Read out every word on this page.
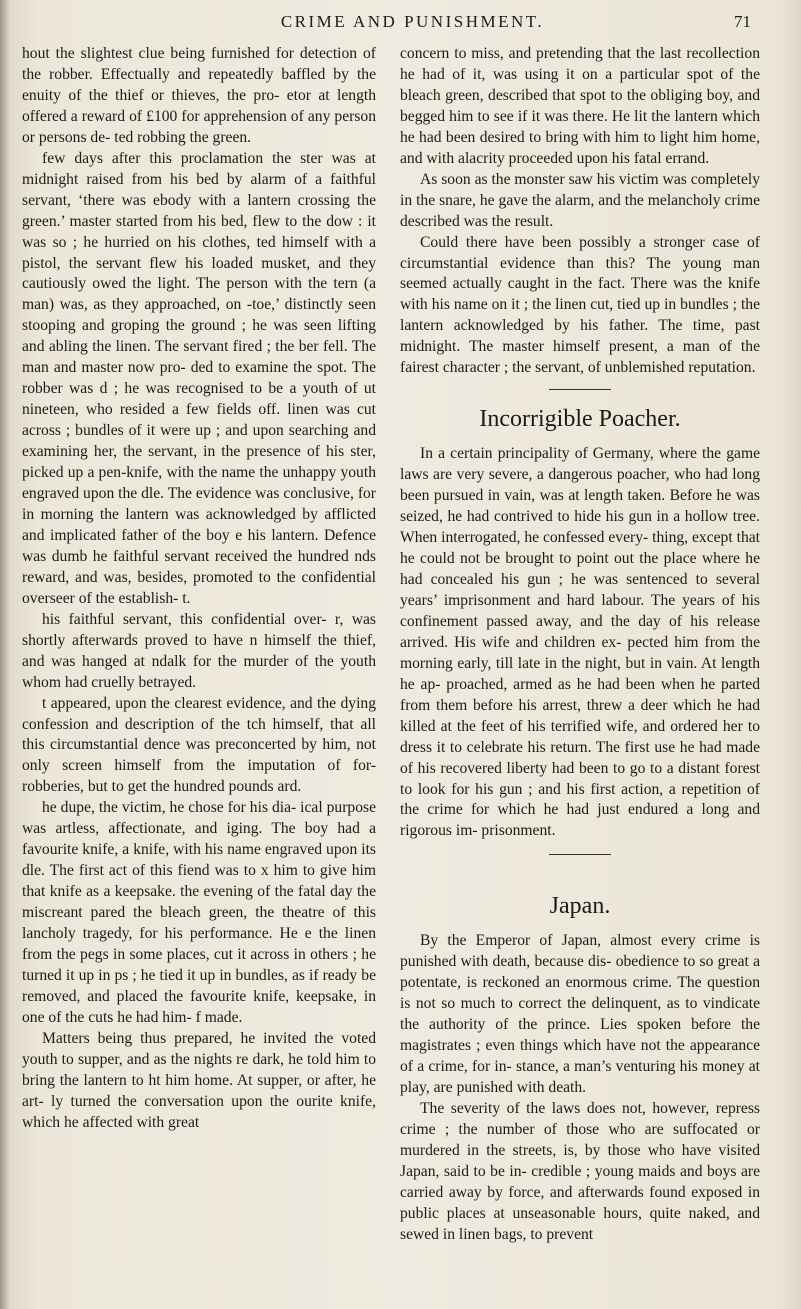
CRIME AND PUNISHMENT.	71

hout the slightest clue being furnished for detection of the robber. Effectually and repeatedly baffled by the enuity of the thief or thieves, the pro- etor at length offered a reward of £100 for apprehension of any person or persons de- ted robbing the green.

few days after this proclamation the ster was at midnight raised from his bed by alarm of a faithful servant, ‘there was ebody with a lantern crossing the green.’ master started from his bed, flew to the dow : it was so ; he hurried on his clothes, ted himself with a pistol, the servant flew his loaded musket, and they cautiously owed the light. The person with the tern (a man) was, as they approached, on -toe,’ distinctly seen stooping and groping the ground ; he was seen lifting and abling the linen. The servant fired ; the ber fell. The man and master now pro- ded to examine the spot. The robber was d ; he was recognised to be a youth of ut nineteen, who resided a few fields off. linen was cut across ; bundles of it were up ; and upon searching and examining her, the servant, in the presence of his ster, picked up a pen-knife, with the name the unhappy youth engraved upon the dle. The evidence was conclusive, for in morning the lantern was acknowledged by afflicted and implicated father of the boy e his lantern. Defence was dumb he faithful servant received the hundred nds reward, and was, besides, promoted to the confidential overseer of the establish- t.

his faithful servant, this confidential over- r, was shortly afterwards proved to have n himself the thief, and was hanged at ndalk for the murder of the youth whom had cruelly betrayed.

t appeared, upon the clearest evidence, and the dying confession and description of the tch himself, that all this circumstantial dence was preconcerted by him, not only screen himself from the imputation of for- robberies, but to get the hundred pounds ard.

he dupe, the victim, he chose for his dia- ical purpose was artless, affectionate, and iging. The boy had a favourite knife, a knife, with his name engraved upon its dle. The first act of this fiend was to x him to give him that knife as a keepsake. the evening of the fatal day the miscreant pared the bleach green, the theatre of this lancholy tragedy, for his performance. He e the linen from the pegs in some places, cut it across in others ; he turned it up in ps ; he tied it up in bundles, as if ready be removed, and placed the favourite knife, keepsake, in one of the cuts he had him- f made.

Matters being thus prepared, he invited the voted youth to supper, and as the nights re dark, he told him to bring the lantern to ht him home. At supper, or after, he art- ly turned the conversation upon the ourite knife, which he affected with great

concern to miss, and pretending that the last recollection he had of it, was using it on a particular spot of the bleach green, described that spot to the obliging boy, and begged him to see if it was there. He lit the lantern which he had been desired to bring with him to light him home, and with alacrity proceeded upon his fatal errand.

As soon as the monster saw his victim was completely in the snare, he gave the alarm, and the melancholy crime described was the result.

Could there have been possibly a stronger case of circumstantial evidence than this? The young man seemed actually caught in the fact. There was the knife with his name on it ; the linen cut, tied up in bundles ; the lantern acknowledged by his father. The time, past midnight. The master himself present, a man of the fairest character ; the servant, of unblemished reputation.

Incorrigible Poacher.

In a certain principality of Germany, where the game laws are very severe, a dangerous poacher, who had long been pursued in vain, was at length taken. Before he was seized, he had contrived to hide his gun in a hollow tree. When interrogated, he confessed every- thing, except that he could not be brought to point out the place where he had concealed his gun ; he was sentenced to several years’ imprisonment and hard labour. The years of his confinement passed away, and the day of his release arrived. His wife and children ex- pected him from the morning early, till late in the night, but in vain. At length he ap- proached, armed as he had been when he parted from them before his arrest, threw a deer which he had killed at the feet of his terrified wife, and ordered her to dress it to celebrate his return. The first use he had made of his recovered liberty had been to go to a distant forest to look for his gun ; and his first action, a repetition of the crime for which he had just endured a long and rigorous im- prisonment.

Japan.

By the Emperor of Japan, almost every crime is punished with death, because dis- obedience to so great a potentate, is reckoned an enormous crime. The question is not so much to correct the delinquent, as to vindicate the authority of the prince. Lies spoken before the magistrates ; even things which have not the appearance of a crime, for in- stance, a man’s venturing his money at play, are punished with death.

The severity of the laws does not, however, repress crime ; the number of those who are suffocated or murdered in the streets, is, by those who have visited Japan, said to be in- credible ; young maids and boys are carried away by force, and afterwards found exposed in public places at unseasonable hours, quite naked, and sewed in linen bags, to prevent
